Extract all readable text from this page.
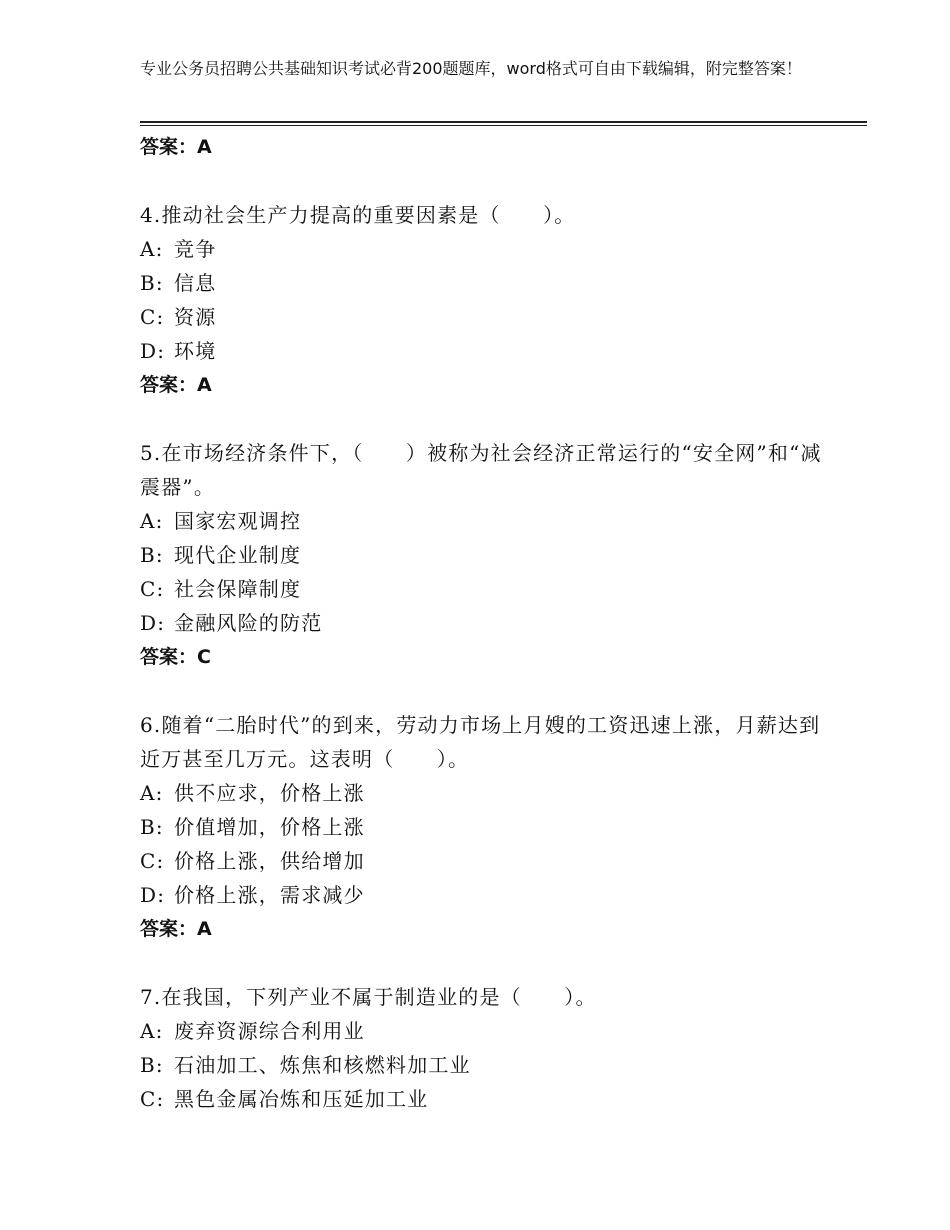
专业公务员招聘公共基础知识考试必背200题题库，word格式可自由下载编辑，附完整答案！
答案：A
4.推动社会生产力提高的重要因素是（　　）。
A: 竞争
B: 信息
C: 资源
D: 环境
答案：A
5.在市场经济条件下，（　　）被称为社会经济正常运行的“安全网”和“减震器”。
A: 国家宏观调控
B: 现代企业制度
C: 社会保障制度
D: 金融风险的防范
答案：C
6.随着“二胎时代”的到来，劳动力市场上月嫂的工资迅速上涨，月薪达到近万甚至几万元。这表明（　　）。
A: 供不应求，价格上涨
B: 价值增加，价格上涨
C: 价格上涨，供给增加
D: 价格上涨，需求减少
答案：A
7.在我国，下列产业不属于制造业的是（　　）。
A: 废弃资源综合利用业
B: 石油加工、炼焦和核燃料加工业
C: 黑色金属冶炼和压延加工业
